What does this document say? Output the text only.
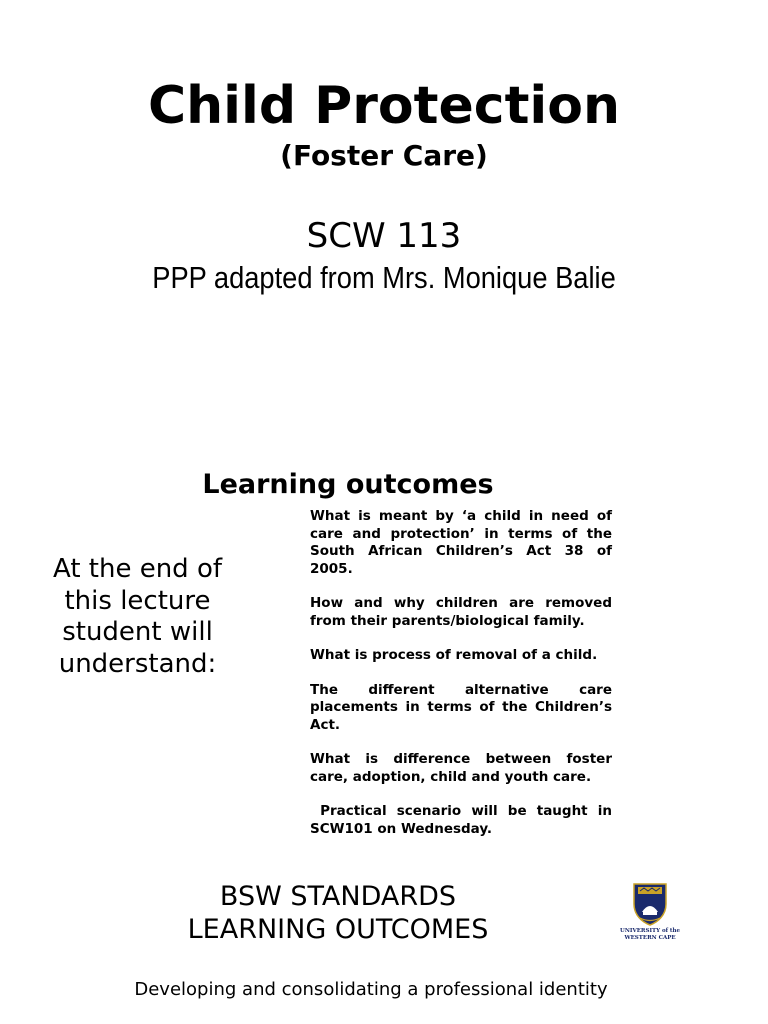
Child Protection
(Foster Care)
SCW 113
PPP adapted from Mrs. Monique Balie
Learning outcomes
At the end of this lecture student will understand:
What is meant by ‘a child in need of care and protection’ in terms of the South African Children’s Act 38 of 2005.
How and why children are removed from their parents/biological family.
What is process of removal of a child.
The different alternative care placements in terms of the Children’s Act.
What is difference between foster care, adoption, child and youth care.
Practical scenario will be taught in SCW101 on Wednesday.
BSW STANDARDS
LEARNING OUTCOMES
Developing and consolidating a professional identity
UNIVERSITY of the
WESTERN CAPE
